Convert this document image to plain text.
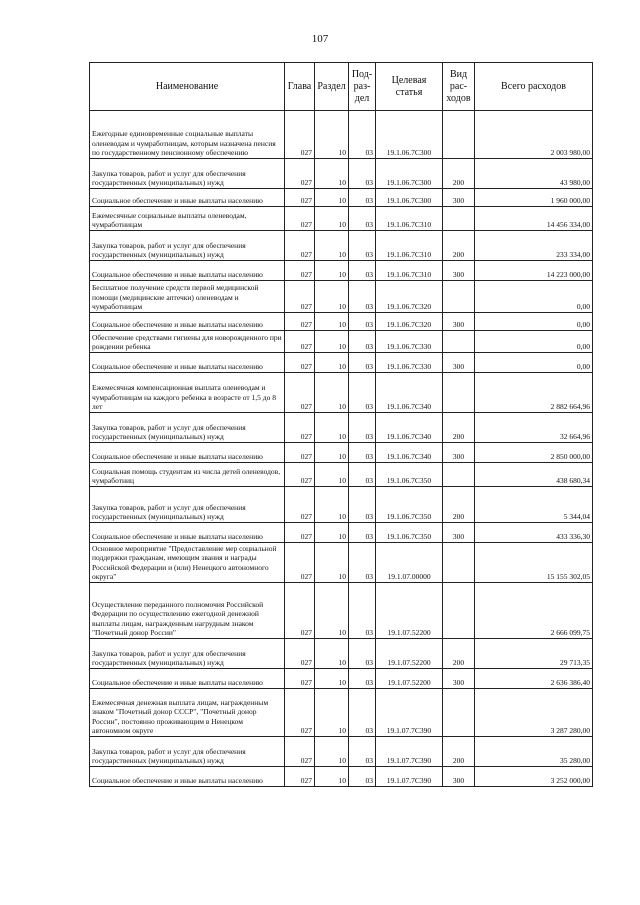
107
Наименование	Глава	Раздел	Под-раз-дел	Целевая статья	Вид рас-ходов	Всего расходов
Ежегодные единовременные социальные выплаты оленеводам и чумработницам, которым назначена пенсия по государственному пенсионному обеспечению	027	10	03	19.1.06.7С300		2 003 980,00
Закупка товаров, работ и услуг для обеспечения государственных (муниципальных) нужд	027	10	03	19.1.06.7С300	200	43 980,00
Социальное обеспечение и иные выплаты населению	027	10	03	19.1.06.7С300	300	1 960 000,00
Ежемесячные социальные выплаты оленеводам, чумработницам	027	10	03	19.1.06.7С310		14 456 334,00
Закупка товаров, работ и услуг для обеспечения государственных (муниципальных) нужд	027	10	03	19.1.06.7С310	200	233 334,00
Социальное обеспечение и иные выплаты населению	027	10	03	19.1.06.7С310	300	14 223 000,00
Бесплатное получение средств первой медицинской помощи (медицинские аптечки) оленеводам и чумработницам	027	10	03	19.1.06.7С320		0,00
Социальное обеспечение и иные выплаты населению	027	10	03	19.1.06.7С320	300	0,00
Обеспечение средствами гигиены для новорожденного при рождении ребенка	027	10	03	19.1.06.7С330		0,00
Социальное обеспечение и иные выплаты населению	027	10	03	19.1.06.7С330	300	0,00
Ежемесячная компенсационная выплата оленеводам и чумработницам на каждого ребенка в возрасте от 1,5 до 8 лет	027	10	03	19.1.06.7С340		2 882 664,96
Закупка товаров, работ и услуг для обеспечения государственных (муниципальных) нужд	027	10	03	19.1.06.7С340	200	32 664,96
Социальное обеспечение и иные выплаты населению	027	10	03	19.1.06.7С340	300	2 850 000,00
Социальная помощь студентам из числа детей оленеводов, чумработниц	027	10	03	19.1.06.7С350		438 680,34
Закупка товаров, работ и услуг для обеспечения государственных (муниципальных) нужд	027	10	03	19.1.06.7С350	200	5 344,04
Социальное обеспечение и иные выплаты населению	027	10	03	19.1.06.7С350	300	433 336,30
Основное мероприятие "Предоставление мер социальной поддержки гражданам, имеющим звания и награды Российской Федерации и (или) Ненецкого автономного округа"	027	10	03	19.1.07.00000		15 155 302,05
Осуществление переданного полномочия Российской Федерации по осуществлению ежегодной денежной выплаты лицам, награжденным нагрудным знаком "Почетный донор России"	027	10	03	19.1.07.52200		2 666 099,75
Закупка товаров, работ и услуг для обеспечения государственных (муниципальных) нужд	027	10	03	19.1.07.52200	200	29 713,35
Социальное обеспечение и иные выплаты населению	027	10	03	19.1.07.52200	300	2 636 386,40
Ежемесячная денежная выплата лицам, награжденным знаком "Почетный донор СССР", "Почетный донор России", постоянно проживающим в Ненецком автономном округе	027	10	03	19.1.07.7С390		3 287 280,00
Закупка товаров, работ и услуг для обеспечения государственных (муниципальных) нужд	027	10	03	19.1.07.7С390	200	35 280,00
Социальное обеспечение и иные выплаты населению	027	10	03	19.1.07.7С390	300	3 252 000,00
